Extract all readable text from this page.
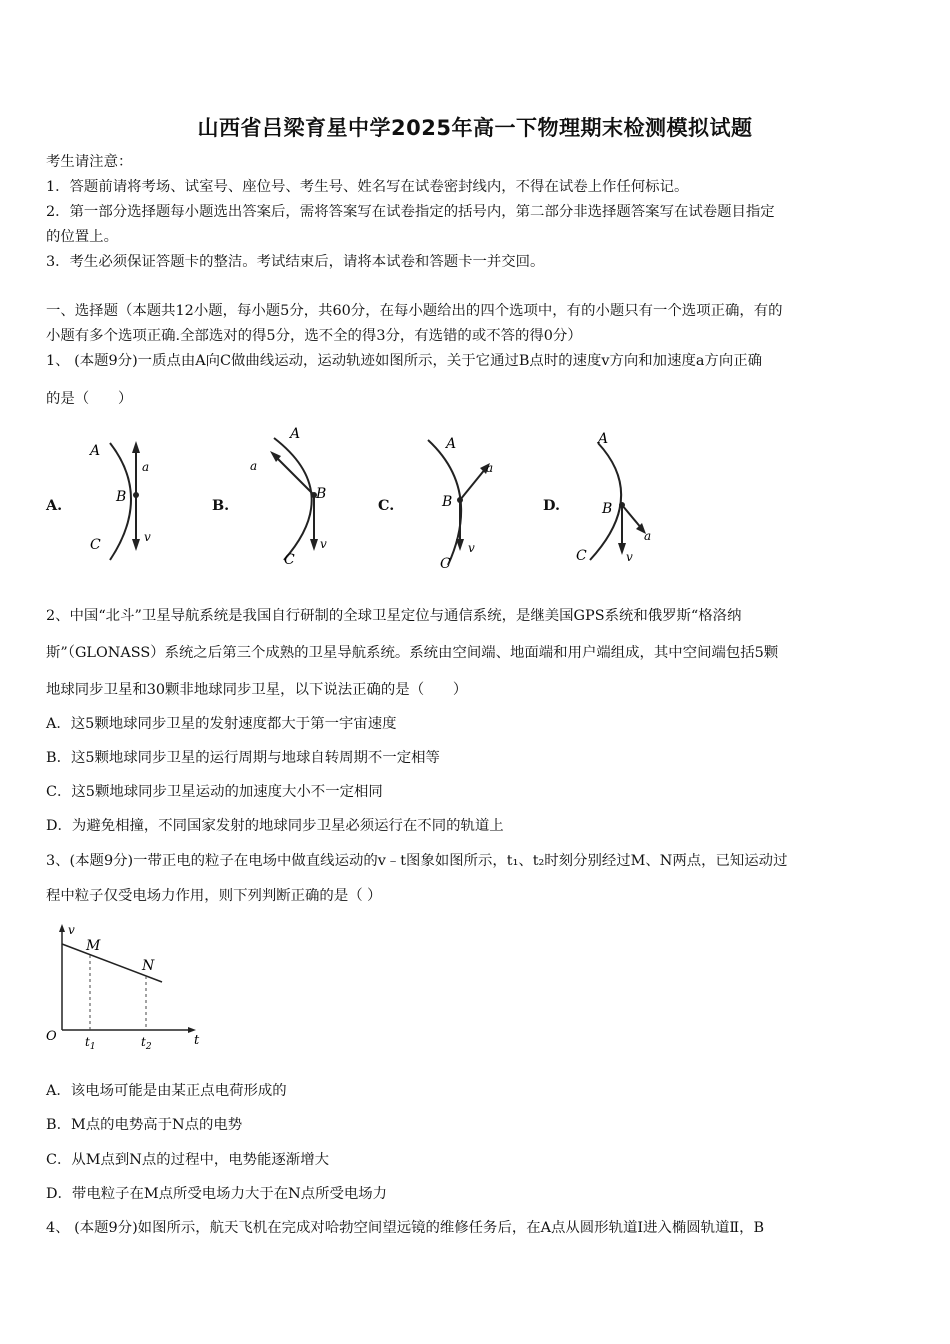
山西省吕梁育星中学2025年高一下物理期末检测模拟试题
考生请注意：
1．答题前请将考场、试室号、座位号、考生号、姓名写在试卷密封线内，不得在试卷上作任何标记。
2．第一部分选择题每小题选出答案后，需将答案写在试卷指定的括号内，第二部分非选择题答案写在试卷题目指定
的位置上。
3．考生必须保证答题卡的整洁。考试结束后，请将本试卷和答题卡一并交回。
一、选择题（本题共12小题，每小题5分，共60分，在每小题给出的四个选项中，有的小题只有一个选项正确，有的
小题有多个选项正确.全部选对的得5分，选不全的得3分，有选错的或不答的得0分）
1、 (本题9分)一质点由A向C做曲线运动，运动轨迹如图所示，关于它通过B点时的速度v方向和加速度a方向正确
的是（　　）
A.	B.	C.	D.
A
B
C
a
v
A
B
C
a
v
A
B
C
a
v
A
B
C
a
v
2、中国“北斗”卫星导航系统是我国自行研制的全球卫星定位与通信系统，是继美国GPS系统和俄罗斯“格洛纳
斯”（GLONASS）系统之后第三个成熟的卫星导航系统。系统由空间端、地面端和用户端组成，其中空间端包括5颗
地球同步卫星和30颗非地球同步卫星，以下说法正确的是（　　）
A．这5颗地球同步卫星的发射速度都大于第一宇宙速度
B．这5颗地球同步卫星的运行周期与地球自转周期不一定相等
C．这5颗地球同步卫星运动的加速度大小不一定相同
D．为避免相撞，不同国家发射的地球同步卫星必须运行在不同的轨道上
3、(本题9分)一带正电的粒子在电场中做直线运动的v﹣t图象如图所示，t₁、t₂时刻分别经过M、N两点，已知运动过
程中粒子仅受电场力作用，则下列判断正确的是（ ）
v
t
O
M
N
$t_1$	$t_2$
A．该电场可能是由某正点电荷形成的
B．M点的电势高于N点的电势
C．从M点到N点的过程中，电势能逐渐增大
D．带电粒子在M点所受电场力大于在N点所受电场力
4、 (本题9分)如图所示，航天飞机在完成对哈勃空间望远镜的维修任务后，在A点从圆形轨道Ⅰ进入椭圆轨道Ⅱ，B
